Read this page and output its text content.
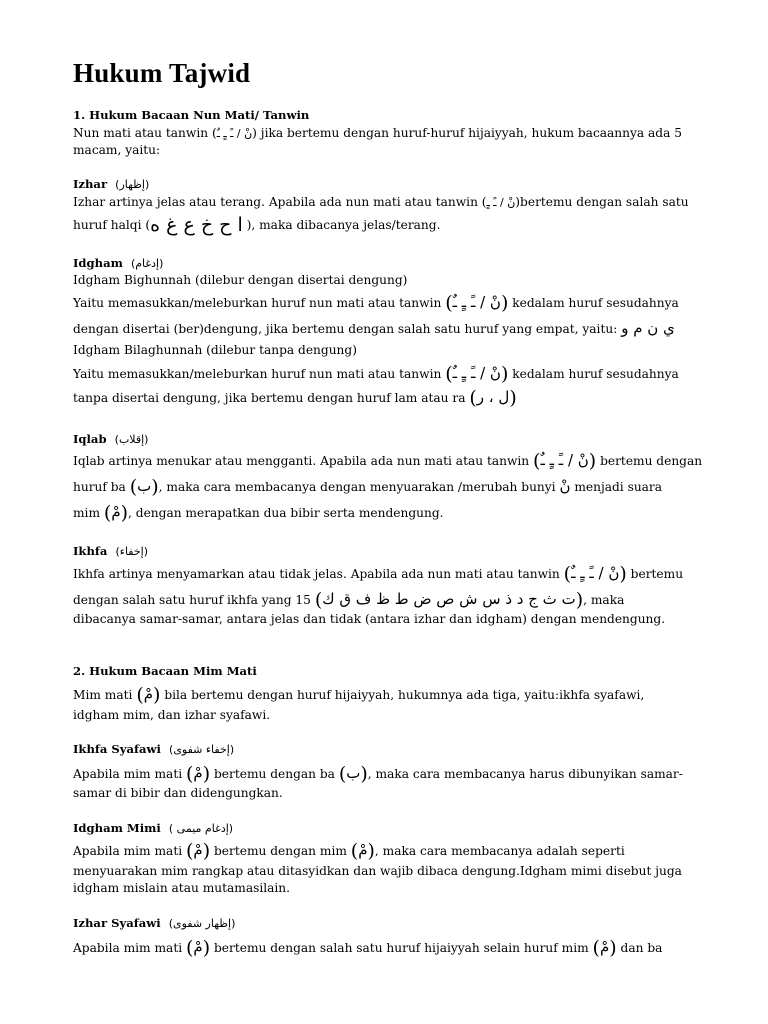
Hukum Tajwid
1. Hukum Bacaan Nun Mati/ Tanwin
Nun mati atau tanwin (نْ / ـً ـٍ ـٌ) jika bertemu dengan huruf-huruf hijaiyyah, hukum bacaannya ada 5
macam, yaitu:
Izhar (إظهار)
Izhar artinya jelas atau terang. Apabila ada nun mati atau tanwin (نْ / ـً ـٍ)bertemu dengan salah satu
huruf halqi (ا ح خ ع غ ه ), maka dibacanya jelas/terang.
Idgham (إدغام)
Idgham Bighunnah (dilebur dengan disertai dengung)
Yaitu memasukkan/meleburkan huruf nun mati atau tanwin (نْ / ـً ـٍ ـٌ) kedalam huruf sesudahnya
dengan disertai (ber)dengung, jika bertemu dengan salah satu huruf yang empat, yaitu: ي ن م و
Idgham Bilaghunnah (dilebur tanpa dengung)
Yaitu memasukkan/meleburkan huruf nun mati atau tanwin (نْ / ـً ـٍ ـٌ) kedalam huruf sesudahnya
tanpa disertai dengung, jika bertemu dengan huruf lam atau ra (ل ، ر)
Iqlab (إقلاب)
Iqlab artinya menukar atau mengganti. Apabila ada nun mati atau tanwin (نْ / ـً ـٍ ـٌ) bertemu dengan
huruf ba (ب), maka cara membacanya dengan menyuarakan /merubah bunyi نْ menjadi suara
mim (مْ), dengan merapatkan dua bibir serta mendengung.
Ikhfa (إخفاء)
Ikhfa artinya menyamarkan atau tidak jelas. Apabila ada nun mati atau tanwin (نْ / ـً ـٍ ـٌ) bertemu
dengan salah satu huruf ikhfa yang 15 (ت ث ج د ذ س ش ص ض ط ظ ف ق ك), maka
dibacanya samar-samar, antara jelas dan tidak (antara izhar dan idgham) dengan mendengung.
2. Hukum Bacaan Mim Mati
Mim mati (مْ) bila bertemu dengan huruf hijaiyyah, hukumnya ada tiga, yaitu:ikhfa syafawi,
idgham mim, dan izhar syafawi.
Ikhfa Syafawi (إخفاء شفوى)
Apabila mim mati (مْ) bertemu dengan ba (ب), maka cara membacanya harus dibunyikan samar-
samar di bibir dan didengungkan.
Idgham Mimi ( إدغام ميمى)
Apabila mim mati (مْ) bertemu dengan mim (مْ), maka cara membacanya adalah seperti
menyuarakan mim rangkap atau ditasyidkan dan wajib dibaca dengung.Idgham mimi disebut juga
idgham mislain atau mutamasilain.
Izhar Syafawi (إظهار شفوى)
Apabila mim mati (مْ) bertemu dengan salah satu huruf hijaiyyah selain huruf mim (مْ) dan ba
